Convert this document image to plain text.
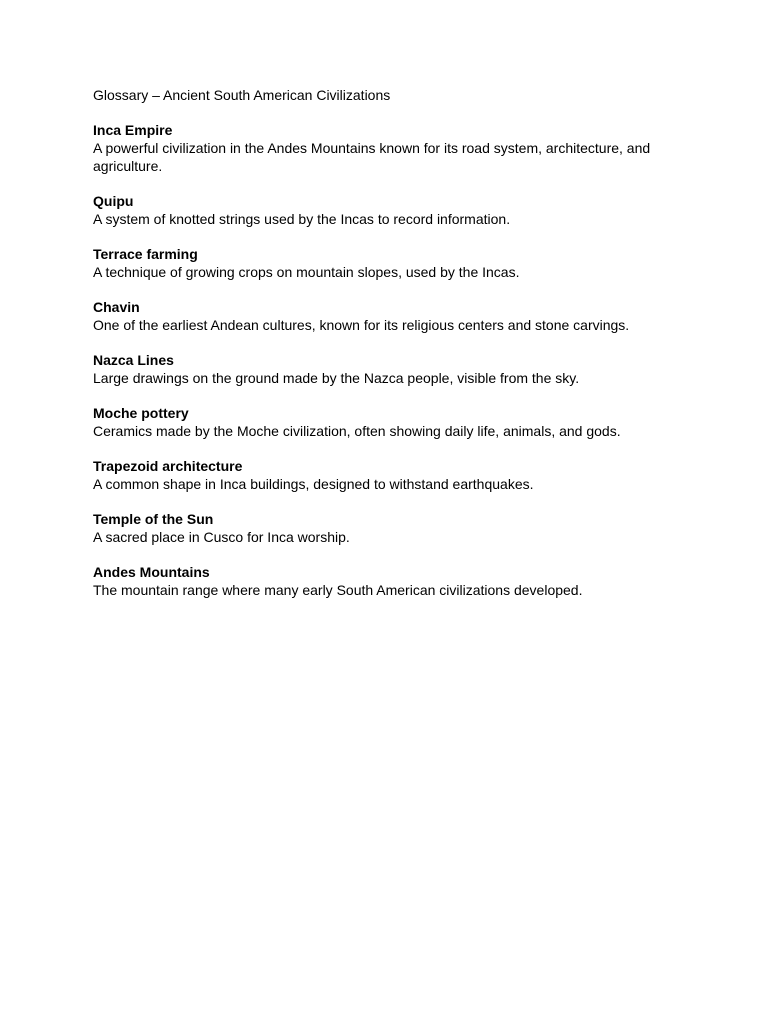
Glossary – Ancient South American Civilizations
Inca Empire
A powerful civilization in the Andes Mountains known for its road system, architecture, and agriculture.
Quipu
A system of knotted strings used by the Incas to record information.
Terrace farming
A technique of growing crops on mountain slopes, used by the Incas.
Chavin
One of the earliest Andean cultures, known for its religious centers and stone carvings.
Nazca Lines
Large drawings on the ground made by the Nazca people, visible from the sky.
Moche pottery
Ceramics made by the Moche civilization, often showing daily life, animals, and gods.
Trapezoid architecture
A common shape in Inca buildings, designed to withstand earthquakes.
Temple of the Sun
A sacred place in Cusco for Inca worship.
Andes Mountains
The mountain range where many early South American civilizations developed.
